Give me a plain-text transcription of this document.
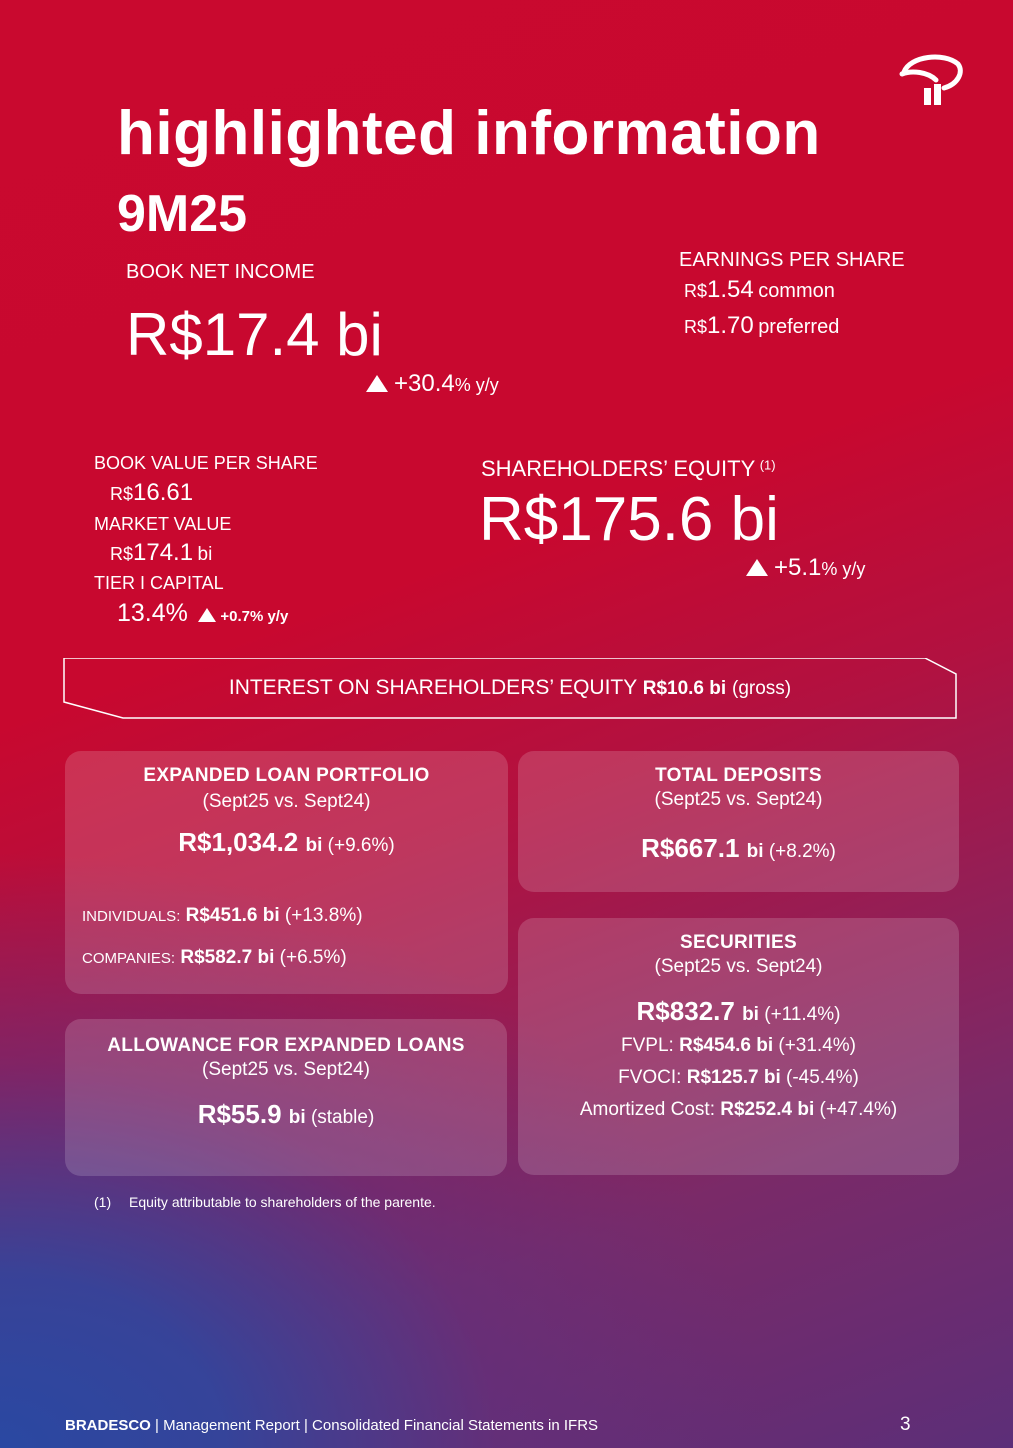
highlighted information
9M25
BOOK NET INCOME
R$17.4 bi
+30.4% y/y
EARNINGS PER SHARE
R$1.54 common
R$1.70 preferred
BOOK VALUE PER SHARE
R$16.61
MARKET VALUE
R$174.1 bi
TIER I CAPITAL
13.4% +0.7% y/y
SHAREHOLDERS’ EQUITY $^{(1)}$
R$175.6 bi
+5.1% y/y
INTEREST ON SHAREHOLDERS’ EQUITY R$10.6 bi (gross)
EXPANDED LOAN PORTFOLIO
(Sept25 vs. Sept24)
R$1,034.2 bi (+9.6%)
INDIVIDUALS: R$451.6 bi (+13.8%)
COMPANIES: R$582.7 bi (+6.5%)
TOTAL DEPOSITS
(Sept25 vs. Sept24)
R$667.1 bi (+8.2%)
ALLOWANCE FOR EXPANDED LOANS
(Sept25 vs. Sept24)
R$55.9 bi (stable)
SECURITIES
(Sept25 vs. Sept24)
R$832.7 bi (+11.4%)
FVPL: R$454.6 bi (+31.4%)
FVOCI: R$125.7 bi (-45.4%)
Amortized Cost: R$252.4 bi (+47.4%)
(1) Equity attributable to shareholders of the parente.
BRADESCO | Management Report | Consolidated Financial Statements in IFRS	3
